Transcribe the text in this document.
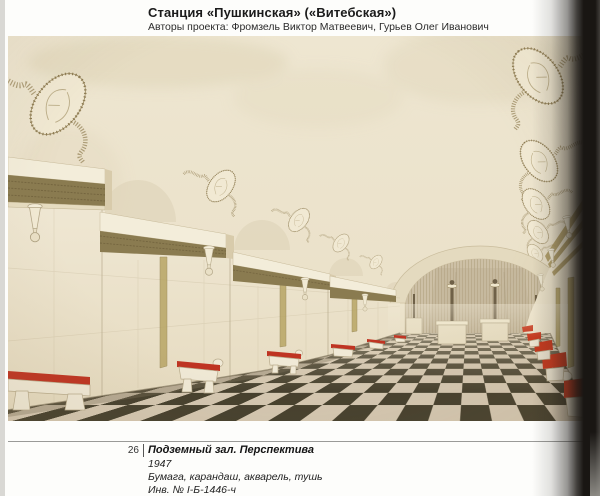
Станция «Пушкинская» («Витебская»)
Авторы проекта: Фромзель Виктор Матвеевич, Гурьев Олег Иванович
26 Подземный зал. Перспектива
1947
Бумага, карандаш, акварель, тушь
Инв. № I-Б-1446-ч
